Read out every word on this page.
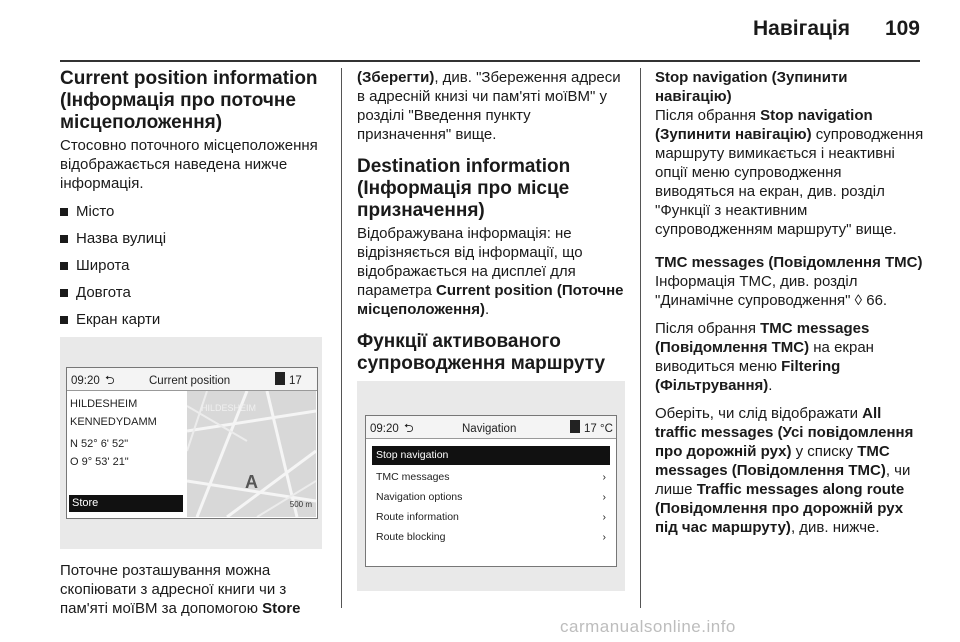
Навігація 109
Current position information (Інформація про поточне місцеположення)

Стосовно поточного місцеположення відображається наведена нижче інформація.

Місто
Назва вулиці
Широта
Довгота
Екран карти
09:20 ⮌	Current position	17
HILDESHEIM
KENNEDYDAMM
N 52° 6' 52"
O 9° 53' 21"
Store
HILDESHEIM
A
500 m

Поточне розташування можна скопіювати з адресної книги чи з пам'яті моїВМ за допомогою Store

(Зберегти), див. "Збереження адреси в адресній книзі чи пам'яті моїВМ" у розділі "Введення пункту призначення" вище.

Destination information (Інформація про місце призначення)

Відображувана інформація: не відрізняється від інформації, що відображається на дисплеї для параметра Current position (Поточне місцеположення).

Функції активованого супроводження маршруту
09:20 ⮌	Navigation	17 °C
Stop navigation
TMC messages	›
Navigation options	›
Route information	›
Route blocking	›

Stop navigation (Зупинити навігацію)

Після обрання Stop navigation (Зупинити навігацію) супроводження маршруту вимикається і неактивні опції меню супроводження виводяться на екран, див. розділ "Функції з неактивним супроводженням маршруту" вище.

TMC messages (Повідомлення TMC)

Інформація TMC, див. розділ "Динамічне супроводження" ◊ 66.

Після обрання TMC messages (Повідомлення TMC) на екран виводиться меню Filtering (Фільтрування).

Оберіть, чи слід відображати All traffic messages (Усі повідомлення про дорожній рух) у списку TMC messages (Повідомлення TMC), чи лише Traffic messages along route (Повідомлення про дорожній рух під час маршруту), див. нижче.

carmanualsonline.info
